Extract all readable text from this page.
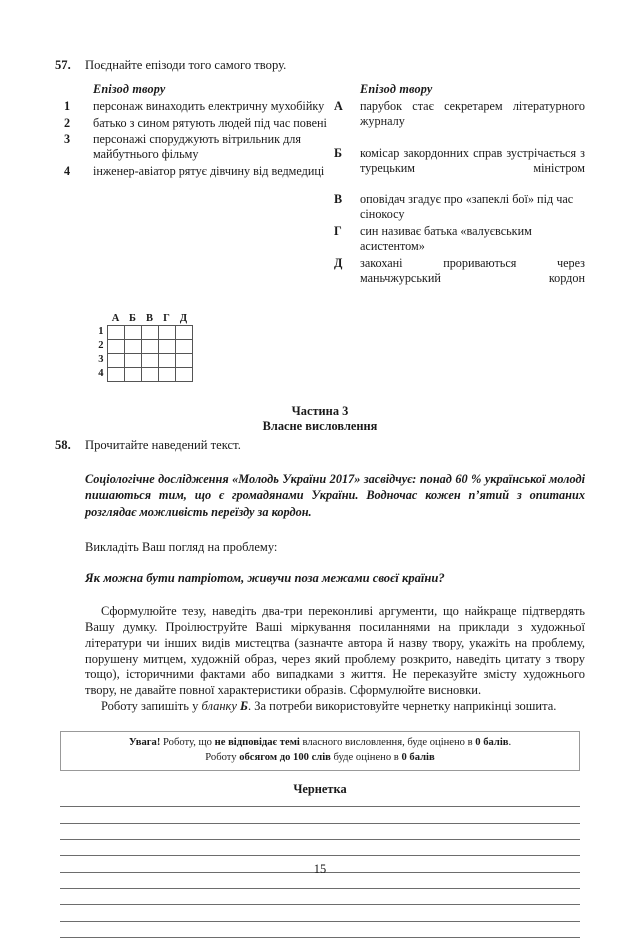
57.	Поєднайте епізоди того самого твору.
Епізод твору
1	персонаж винаходить електричну мухобійку
2	батько з сином рятують людей під час повені
3	персонажі споруджують вітрильник для майбутнього фільму
4	інженер-авіатор рятує дівчину від ведмедиці
Епізод твору
А	парубок стає секретарем літературного журналу
Б	комісар закордонних справ зустрічається з турецьким міністром
В	оповідач згадує про «запеклі бої» під час сінокосу
Г	син називає батька «валуєвським асистентом»
Д	закохані прориваються через маньчжурський кордон
	А	Б	В	Г	Д
1					
2					
3					
4					
Частина 3
Власне висловлення
58.	Прочитайте наведений текст.
Соціологічне дослідження «Молодь України 2017» засвідчує: понад 60 % української молоді пишаються тим, що є громадянами України. Водночас кожен п’ятий з опитаних розглядає можливість переїзду за кордон.
Викладіть Ваш погляд на проблему:
Як можна бути патріотом, живучи поза межами своєї країни?
Сформулюйте тезу, наведіть два-три переконливі аргументи, що найкраще підтвердять Вашу думку. Проілюструйте Ваші міркування посиланнями на приклади з художньої літератури чи інших видів мистецтва (зазначте автора й назву твору, укажіть на проблему, порушену митцем, художній образ, через який проблему розкрито, наведіть цитату з твору тощо), історичними фактами або випадками з життя. Не переказуйте змісту художнього твору, не давайте повної характеристики образів. Сформулюйте висновки.
Роботу запишіть у бланку Б. За потреби використовуйте чернетку наприкінці зошита.
Увага! Роботу, що не відповідає темі власного висловлення, буде оцінено в 0 балів.
Роботу обсягом до 100 слів буде оцінено в 0 балів
Чернетка
15
